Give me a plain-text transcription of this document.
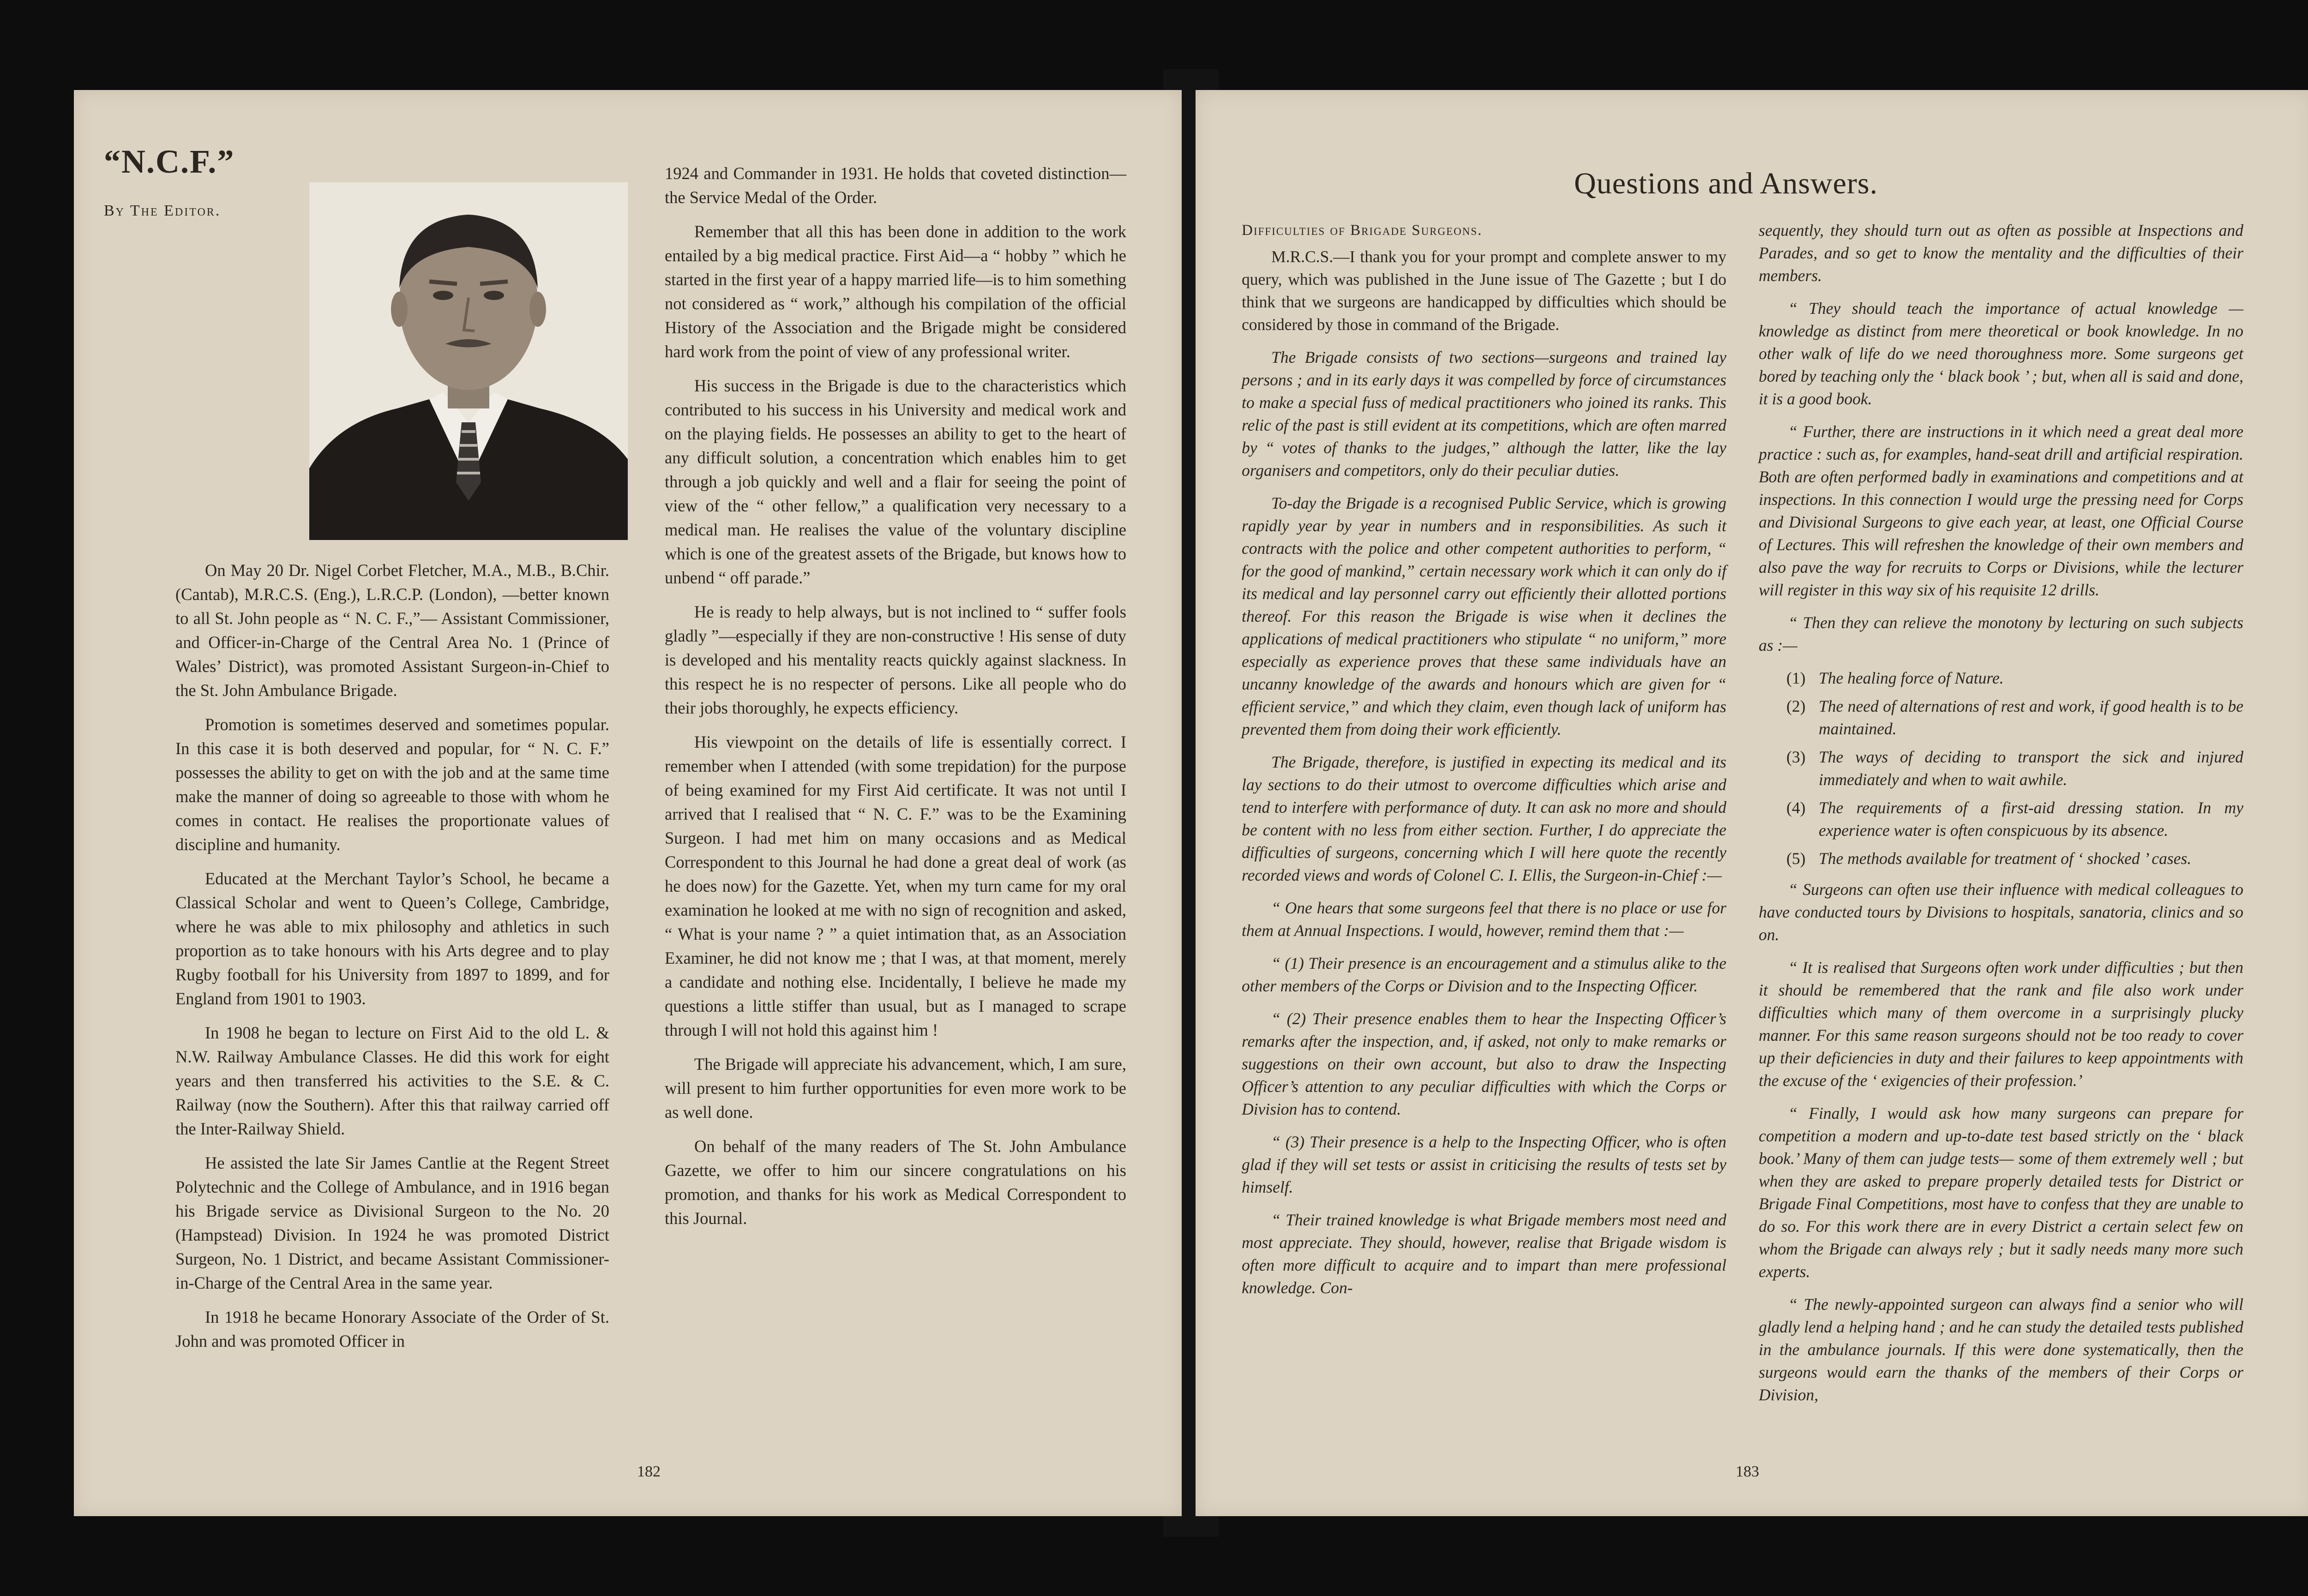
“N.C.F.”
By The Editor.

On May 20 Dr. Nigel Corbet Fletcher, M.A., M.B., B.Chir. (Cantab), M.R.C.S. (Eng.), L.R.C.P. (London), —better known to all St. John people as “ N. C. F.,”— Assistant Commissioner, and Officer-in-Charge of the Central Area No. 1 (Prince of Wales’ District), was promoted Assistant Surgeon-in-Chief to the St. John Ambulance Brigade.

Promotion is sometimes deserved and sometimes popular. In this case it is both deserved and popular, for “ N. C. F.” possesses the ability to get on with the job and at the same time make the manner of doing so agreeable to those with whom he comes in contact. He realises the proportionate values of discipline and humanity.

Educated at the Merchant Taylor’s School, he became a Classical Scholar and went to Queen’s College, Cambridge, where he was able to mix philosophy and athletics in such proportion as to take honours with his Arts degree and to play Rugby football for his University from 1897 to 1899, and for England from 1901 to 1903.

In 1908 he began to lecture on First Aid to the old L. & N.W. Railway Ambulance Classes. He did this work for eight years and then transferred his activities to the S.E. & C. Railway (now the Southern). After this that railway carried off the Inter-Railway Shield.

He assisted the late Sir James Cantlie at the Regent Street Polytechnic and the College of Ambulance, and in 1916 began his Brigade service as Divisional Surgeon to the No. 20 (Hampstead) Division. In 1924 he was promoted District Surgeon, No. 1 District, and became Assistant Commissioner-in-Charge of the Central Area in the same year.

In 1918 he became Honorary Associate of the Order of St. John and was promoted Officer in

1924 and Commander in 1931. He holds that coveted distinction—the Service Medal of the Order.

Remember that all this has been done in addition to the work entailed by a big medical practice. First Aid—a “ hobby ” which he started in the first year of a happy married life—is to him something not considered as “ work,” although his compilation of the official History of the Association and the Brigade might be considered hard work from the point of view of any professional writer.

His success in the Brigade is due to the characteristics which contributed to his success in his University and medical work and on the playing fields. He possesses an ability to get to the heart of any difficult solution, a concentration which enables him to get through a job quickly and well and a flair for seeing the point of view of the “ other fellow,” a qualification very necessary to a medical man. He realises the value of the voluntary discipline which is one of the greatest assets of the Brigade, but knows how to unbend “ off parade.”

He is ready to help always, but is not inclined to “ suffer fools gladly ”—especially if they are non-constructive ! His sense of duty is developed and his mentality reacts quickly against slackness. In this respect he is no respecter of persons. Like all people who do their jobs thoroughly, he expects efficiency.

His viewpoint on the details of life is essentially correct. I remember when I attended (with some trepidation) for the purpose of being examined for my First Aid certificate. It was not until I arrived that I realised that “ N. C. F.” was to be the Examining Surgeon. I had met him on many occasions and as Medical Correspondent to this Journal he had done a great deal of work (as he does now) for the Gazette. Yet, when my turn came for my oral examination he looked at me with no sign of recognition and asked, “ What is your name ? ” a quiet intimation that, as an Association Examiner, he did not know me ; that I was, at that moment, merely a candidate and nothing else. Incidentally, I believe he made my questions a little stiffer than usual, but as I managed to scrape through I will not hold this against him !

The Brigade will appreciate his advancement, which, I am sure, will present to him further opportunities for even more work to be as well done.

On behalf of the many readers of The St. John Ambulance Gazette, we offer to him our sincere congratulations on his promotion, and thanks for his work as Medical Correspondent to this Journal.

182
Questions and Answers.

Difficulties of Brigade Surgeons.

M.R.C.S.—I thank you for your prompt and complete answer to my query, which was published in the June issue of The Gazette ; but I do think that we surgeons are handicapped by difficulties which should be considered by those in command of the Brigade.

The Brigade consists of two sections—surgeons and trained lay persons ; and in its early days it was compelled by force of circumstances to make a special fuss of medical practitioners who joined its ranks. This relic of the past is still evident at its competitions, which are often marred by “ votes of thanks to the judges,” although the latter, like the lay organisers and competitors, only do their peculiar duties.

To-day the Brigade is a recognised Public Service, which is growing rapidly year by year in numbers and in responsibilities. As such it contracts with the police and other competent authorities to perform, “ for the good of mankind,” certain necessary work which it can only do if its medical and lay personnel carry out efficiently their allotted portions thereof. For this reason the Brigade is wise when it declines the applications of medical practitioners who stipulate “ no uniform,” more especially as experience proves that these same individuals have an uncanny knowledge of the awards and honours which are given for “ efficient service,” and which they claim, even though lack of uniform has prevented them from doing their work efficiently.

The Brigade, therefore, is justified in expecting its medical and its lay sections to do their utmost to overcome difficulties which arise and tend to interfere with performance of duty. It can ask no more and should be content with no less from either section. Further, I do appreciate the difficulties of surgeons, concerning which I will here quote the recently recorded views and words of Colonel C. I. Ellis, the Surgeon-in-Chief :—

“ One hears that some surgeons feel that there is no place or use for them at Annual Inspections. I would, however, remind them that :—

“ (1) Their presence is an encouragement and a stimulus alike to the other members of the Corps or Division and to the Inspecting Officer.

“ (2) Their presence enables them to hear the Inspecting Officer’s remarks after the inspection, and, if asked, not only to make remarks or suggestions on their own account, but also to draw the Inspecting Officer’s attention to any peculiar difficulties with which the Corps or Division has to contend.

“ (3) Their presence is a help to the Inspecting Officer, who is often glad if they will set tests or assist in criticising the results of tests set by himself.

“ Their trained knowledge is what Brigade members most need and most appreciate. They should, however, realise that Brigade wisdom is often more difficult to acquire and to impart than mere professional knowledge. Con-

sequently, they should turn out as often as possible at Inspections and Parades, and so get to know the mentality and the difficulties of their members.

“ They should teach the importance of actual knowledge —knowledge as distinct from mere theoretical or book knowledge. In no other walk of life do we need thoroughness more. Some surgeons get bored by teaching only the ‘ black book ’ ; but, when all is said and done, it is a good book.

“ Further, there are instructions in it which need a great deal more practice : such as, for examples, hand-seat drill and artificial respiration. Both are often performed badly in examinations and competitions and at inspections. In this connection I would urge the pressing need for Corps and Divisional Surgeons to give each year, at least, one Official Course of Lectures. This will refreshen the knowledge of their own members and also pave the way for recruits to Corps or Divisions, while the lecturer will register in this way six of his requisite 12 drills.

“ Then they can relieve the monotony by lecturing on such subjects as :—

(1) The healing force of Nature.
(2) The need of alternations of rest and work, if good health is to be maintained.
(3) The ways of deciding to transport the sick and injured immediately and when to wait awhile.
(4) The requirements of a first-aid dressing station. In my experience water is often conspicuous by its absence.
(5) The methods available for treatment of ‘ shocked ’ cases.

“ Surgeons can often use their influence with medical colleagues to have conducted tours by Divisions to hospitals, sanatoria, clinics and so on.

“ It is realised that Surgeons often work under difficulties ; but then it should be remembered that the rank and file also work under difficulties which many of them overcome in a surprisingly plucky manner. For this same reason surgeons should not be too ready to cover up their deficiencies in duty and their failures to keep appointments with the excuse of the ‘ exigencies of their profession.’

“ Finally, I would ask how many surgeons can prepare for competition a modern and up-to-date test based strictly on the ‘ black book.’ Many of them can judge tests— some of them extremely well ; but when they are asked to prepare properly detailed tests for District or Brigade Final Competitions, most have to confess that they are unable to do so. For this work there are in every District a certain select few on whom the Brigade can always rely ; but it sadly needs many more such experts.

“ The newly-appointed surgeon can always find a senior who will gladly lend a helping hand ; and he can study the detailed tests published in the ambulance journals. If this were done systematically, then the surgeons would earn the thanks of the members of their Corps or Division,

183
